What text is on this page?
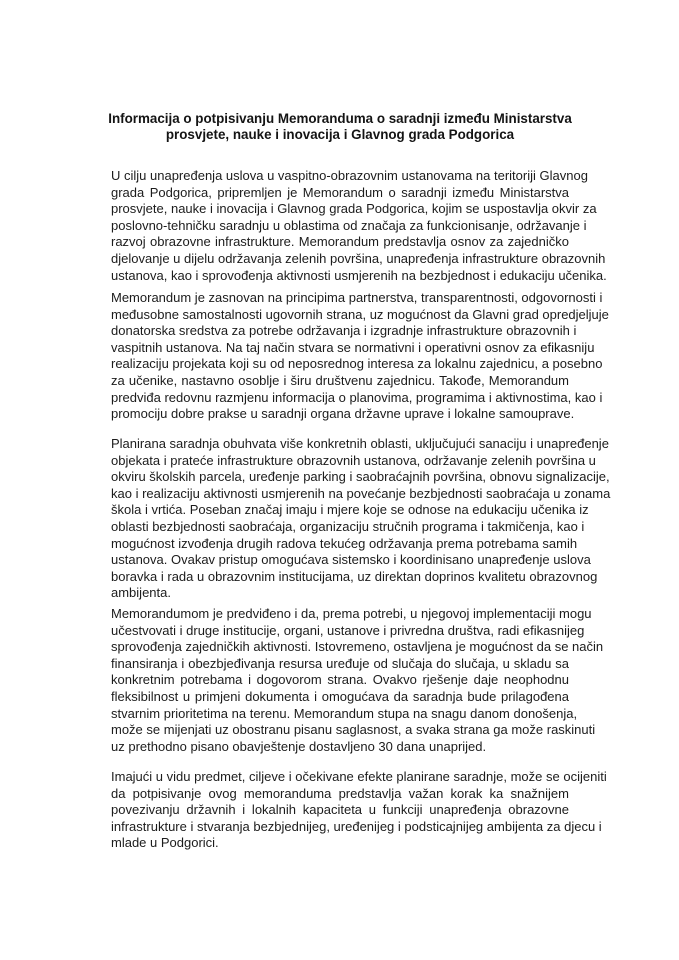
Informacija o potpisivanju Memoranduma o saradnji između Ministarstva
prosvjete, nauke i inovacija i Glavnog grada Podgorica
U cilju unapređenja uslova u vaspitno-obrazovnim ustanovama na teritoriji Glavnog
grada Podgorica, pripremljen je Memorandum o saradnji između Ministarstva
prosvjete, nauke i inovacija i Glavnog grada Podgorica, kojim se uspostavlja okvir za
poslovno-tehničku saradnju u oblastima od značaja za funkcionisanje, održavanje i
razvoj obrazovne infrastrukture. Memorandum predstavlja osnov za zajedničko
djelovanje u dijelu održavanja zelenih površina, unapređenja infrastrukture obrazovnih
ustanova, kao i sprovođenja aktivnosti usmjerenih na bezbjednost i edukaciju učenika.
Memorandum je zasnovan na principima partnerstva, transparentnosti, odgovornosti i
međusobne samostalnosti ugovornih strana, uz mogućnost da Glavni grad opredjeljuje
donatorska sredstva za potrebe održavanja i izgradnje infrastrukture obrazovnih i
vaspitnih ustanova. Na taj način stvara se normativni i operativni osnov za efikasniju
realizaciju projekata koji su od neposrednog interesa za lokalnu zajednicu, a posebno
za učenike, nastavno osoblje i širu društvenu zajednicu. Takođe, Memorandum
predviđa redovnu razmjenu informacija o planovima, programima i aktivnostima, kao i
promociju dobre prakse u saradnji organa državne uprave i lokalne samouprave.
Planirana saradnja obuhvata više konkretnih oblasti, uključujući sanaciju i unapređenje
objekata i prateće infrastrukture obrazovnih ustanova, održavanje zelenih površina u
okviru školskih parcela, uređenje parking i saobraćajnih površina, obnovu signalizacije,
kao i realizaciju aktivnosti usmjerenih na povećanje bezbjednosti saobraćaja u zonama
škola i vrtića. Poseban značaj imaju i mjere koje se odnose na edukaciju učenika iz
oblasti bezbjednosti saobraćaja, organizaciju stručnih programa i takmičenja, kao i
mogućnost izvođenja drugih radova tekućeg održavanja prema potrebama samih
ustanova. Ovakav pristup omogućava sistemsko i koordinisano unapređenje uslova
boravka i rada u obrazovnim institucijama, uz direktan doprinos kvalitetu obrazovnog
ambijenta.
Memorandumom je predviđeno i da, prema potrebi, u njegovoj implementaciji mogu
učestvovati i druge institucije, organi, ustanove i privredna društva, radi efikasnijeg
sprovođenja zajedničkih aktivnosti. Istovremeno, ostavljena je mogućnost da se način
finansiranja i obezbjeđivanja resursa uređuje od slučaja do slučaja, u skladu sa
konkretnim potrebama i dogovorom strana. Ovakvo rješenje daje neophodnu
fleksibilnost u primjeni dokumenta i omogućava da saradnja bude prilagođena
stvarnim prioritetima na terenu. Memorandum stupa na snagu danom donošenja,
može se mijenjati uz obostranu pisanu saglasnost, a svaka strana ga može raskinuti
uz prethodno pisano obavještenje dostavljeno 30 dana unaprijed.
Imajući u vidu predmet, ciljeve i očekivane efekte planirane saradnje, može se ocijeniti
da potpisivanje ovog memoranduma predstavlja važan korak ka snažnijem
povezivanju državnih i lokalnih kapaciteta u funkciji unapređenja obrazovne
infrastrukture i stvaranja bezbjednijeg, uređenijeg i podsticajnijeg ambijenta za djecu i
mlade u Podgorici.
